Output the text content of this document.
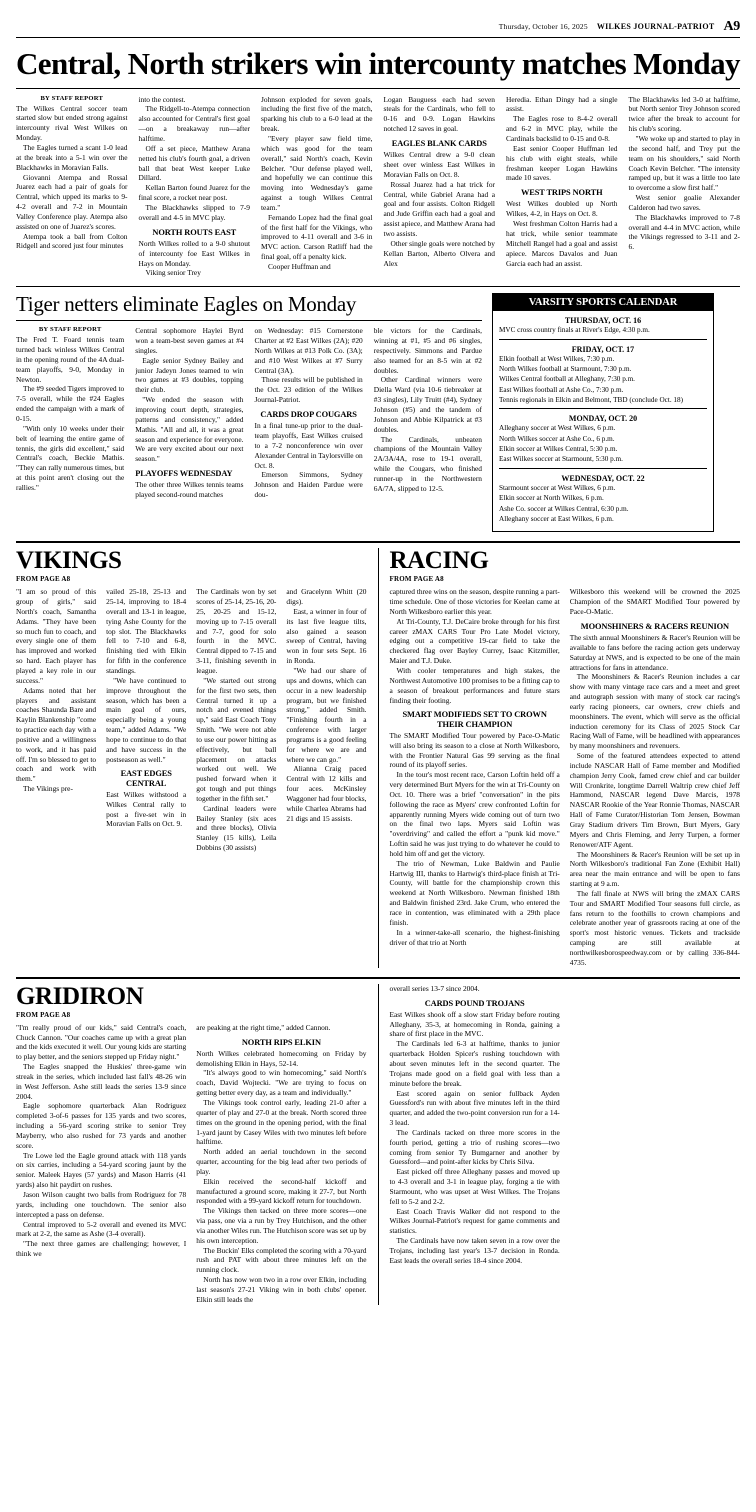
Thursday, October 16, 2025 WILKES JOURNAL-PATRIOT A9
Central, North strikers win intercounty matches Monday
BY STAFF REPORT

The Wilkes Central soccer team started slow but ended strong against intercounty rival West Wilkes on Monday.

The Eagles turned a scant 1-0 lead at the break into a 5-1 win over the Blackhawks in Moravian Falls.

Giovanni Atempa and Rossal Juarez each had a pair of goals for Central, which upped its marks to 9-4-2 overall and 7-2 in Mountain Valley Conference play. Atempa also assisted on one of Juarez's scores.

Atempa took a ball from Colton Ridgell and scored just four minutes

into the contest.

The Ridgell-to-Atempa connection also accounted for Central's first goal—on a breakaway run—after halftime.

Off a set piece, Matthew Arana netted his club's fourth goal, a driven ball that beat West keeper Luke Dillard.

Kellan Barton found Juarez for the final score, a rocket near post.

The Blackhawks slipped to 7-9 overall and 4-5 in MVC play.

NORTH ROUTS EAST

North Wilkes rolled to a 9-0 shutout of intercounty foe East Wilkes in Hays on Monday.

Viking senior Trey

Johnson exploded for seven goals, including the first five of the match, sparking his club to a 6-0 lead at the break.

"Every player saw field time, which was good for the team overall," said North's coach, Kevin Belcher. "Our defense played well, and hopefully we can continue this moving into Wednesday's game against a tough Wilkes Central team."

Fernando Lopez had the final goal of the first half for the Vikings, who improved to 4-11 overall and 3-6 in MVC action. Carson Ratliff had the final goal, off a penalty kick.

Cooper Huffman and

Logan Bauguess each had seven steals for the Cardinals, who fell to 0-16 and 0-9. Logan Hawkins notched 12 saves in goal.

EAGLES BLANK CARDS

Wilkes Central drew a 9-0 clean sheet over winless East Wilkes in Moravian Falls on Oct. 8.

Rossal Juarez had a hat trick for Central, while Gabriel Arana had a goal and four assists. Colton Ridgell and Jude Griffin each had a goal and assist apiece, and Matthew Arana had two assists.

Other single goals were notched by Kellan Barton, Alberto Olvera and Alex

Heredia. Ethan Dingy had a single assist.

The Eagles rose to 8-4-2 overall and 6-2 in MVC play, while the Cardinals backslid to 0-15 and 0-8.

East senior Cooper Huffman led his club with eight steals, while freshman keeper Logan Hawkins made 10 saves.

WEST TRIPS NORTH

West Wilkes doubled up North Wilkes, 4-2, in Hays on Oct. 8.

West freshman Colton Harris had a hat trick, while senior teammate Mitchell Rangel had a goal and assist apiece. Marcos Davalos and Juan Garcia each had an assist.

The Blackhawks led 3-0 at halftime, but North senior Trey Johnson scored twice after the break to account for his club's scoring.

"We woke up and started to play in the second half, and Trey put the team on his shoulders," said North Coach Kevin Belcher. "The intensity ramped up, but it was a little too late to overcome a slow first half."

West senior goalie Alexander Calderon had two saves.

The Blackhawks improved to 7-8 overall and 4-4 in MVC action, while the Vikings regressed to 3-11 and 2-6.

Tiger netters eliminate Eagles on Monday
BY STAFF REPORT

The Fred T. Foard tennis team turned back winless Wilkes Central in the opening round of the 4A dual-team playoffs, 9-0, Monday in Newton.

The #9 seeded Tigers improved to 7-5 overall, while the #24 Eagles ended the campaign with a mark of 0-15.

"With only 10 weeks under their belt of learning the entire game of tennis, the girls did excellent," said Central's coach, Beckie Mathis. "They can rally numerous times, but at this point aren't closing out the rallies."

Central sophomore Haylei Byrd won a team-best seven games at #4 singles.

Eagle senior Sydney Bailey and junior Jadeyn Jones teamed to win two games at #3 doubles, topping their club.

"We ended the season with improving court depth, strategies, patterns and consistency," added Mathis. "All and all, it was a great season and experience for everyone. We are very excited about our next season."

PLAYOFFS WEDNESDAY

The other three Wilkes tennis teams played second-round matches

on Wednesday: #15 Cornerstone Charter at #2 East Wilkes (2A); #20 North Wilkes at #13 Polk Co. (3A); and #10 West Wilkes at #7 Surry Central (3A).

Those results will be published in the Oct. 23 edition of the Wilkes Journal-Patriot.

CARDS DROP COUGARS

In a final tune-up prior to the dual-team playoffs, East Wilkes cruised to a 7-2 nonconference win over Alexander Central in Taylorsville on Oct. 8.

Emerson Simmons, Sydney Johnson and Haiden Pardue were dou-

ble victors for the Cardinals, winning at #1, #5 and #6 singles, respectively. Simmons and Pardue also teamed for an 8-5 win at #2 doubles.

Other Cardinal winners were Diella Ward (via 10-6 tiebreaker at #3 singles), Lily Truitt (#4), Sydney Johnson (#5) and the tandem of Johnson and Abbie Kilpatrick at #3 doubles.

The Cardinals, unbeaten champions of the Mountain Valley 2A/3A/4A, rose to 19-1 overall, while the Cougars, who finished runner-up in the Northwestern 6A/7A, slipped to 12-5.

VARSITY SPORTS CALENDAR
THURSDAY, OCT. 16
MVC cross country finals at River's Edge, 4:30 p.m.
FRIDAY, OCT. 17
Elkin football at West Wilkes, 7:30 p.m.
North Wilkes football at Starmount, 7:30 p.m.
Wilkes Central football at Alleghany, 7:30 p.m.
East Wilkes football at Ashe Co., 7:30 p.m.
Tennis regionals in Elkin and Belmont, TBD (conclude Oct. 18)
MONDAY, OCT. 20
Alleghany soccer at West Wilkes, 6 p.m.
North Wilkes soccer at Ashe Co., 6 p.m.
Elkin soccer at Wilkes Central, 5:30 p.m.
East Wilkes soccer at Starmount, 5:30 p.m.
WEDNESDAY, OCT. 22
Starmount soccer at West Wilkes, 6 p.m.
Elkin soccer at North Wilkes, 6 p.m.
Ashe Co. soccer at Wilkes Central, 6:30 p.m.
Alleghany soccer at East Wilkes, 6 p.m.
VIKINGS
FROM PAGE A8

"I am so proud of this group of girls," said North's coach, Samantha Adams. "They have been so much fun to coach, and every single one of them has improved and worked so hard. Each player has played a key role in our success."

Adams noted that her players and assistant coaches Shaunda Bare and Kaylin Blankenship "come to practice each day with a positive and a willingness to work, and it has paid off. I'm so blessed to get to coach and work with them."

The Vikings pre-

vailed 25-18, 25-13 and 25-14, improving to 18-4 overall and 13-1 in league, tying Ashe County for the top slot. The Blackhawks fell to 7-10 and 6-8, finishing tied with Elkin for fifth in the conference standings.

"We have continued to improve throughout the season, which has been a main goal of ours, especially being a young team," added Adams. "We hope to continue to do that and have success in the postseason as well."

EAST EDGES CENTRAL

East Wilkes withstood a Wilkes Central rally to post a five-set win in Moravian Falls on Oct. 9.

The Cardinals won by set scores of 25-14, 25-16, 20-25, 20-25 and 15-12, moving up to 7-15 overall and 7-7, good for solo fourth in the MVC. Central dipped to 7-15 and 3-11, finishing seventh in league.

"We started out strong for the first two sets, then Central turned it up a notch and evened things up," said East Coach Tony Smith. "We were not able to use our power hitting as effectively, but ball placement on attacks worked out well. We pushed forward when it got tough and put things together in the fifth set."

Cardinal leaders were Bailey Stanley (six aces and three blocks), Olivia Stanley (15 kills), Leila Dobbins (30 assists)

and Gracelynn Whitt (20 digs).

East, a winner in four of its last five league tilts, also gained a season sweep of Central, having won in four sets Sept. 16 in Ronda.

"We had our share of ups and downs, which can occur in a new leadership program, but we finished strong," added Smith. "Finishing fourth in a conference with larger programs is a good feeling for where we are and where we can go."

Alianna Craig paced Central with 12 kills and four aces. McKinsley Waggoner had four blocks, while Charlea Abrams had 21 digs and 15 assists.

RACING
FROM PAGE A8

captured three wins on the season, despite running a part-time schedule. One of those victories for Keelan came at North Wilkesboro earlier this year.

At Tri-County, T.J. DeCaire broke through for his first career zMAX CARS Tour Pro Late Model victory, edging out a competitive 19-car field to take the checkered flag over Bayley Currey, Isaac Kitzmiller, Maier and T.J. Duke.

With cooler temperatures and high stakes, the Northwest Automotive 100 promises to be a fitting cap to a season of breakout performances and future stars finding their footing.

SMART MODIFIEDS SET TO CROWN THEIR CHAMPION

The SMART Modified Tour powered by Pace-O-Matic will also bring its season to a close at North Wilkesboro, with the Frontier Natural Gas 99 serving as the final round of its playoff series.

In the tour's most recent race, Carson Loftin held off a very determined Burt Myers for the win at Tri-County on Oct. 10. There was a brief "conversation" in the pits following the race as Myers' crew confronted Loftin for apparently running Myers wide coming out of turn two on the final two laps. Myers said Loftin was "overdriving" and called the effort a "punk kid move." Loftin said he was just trying to do whatever he could to hold him off and get the victory.

The trio of Newman, Luke Baldwin and Paulie Hartwig III, thanks to Hartwig's third-place finish at Tri-County, will battle for the championship crown this weekend at North Wilkesboro. Newman finished 18th and Baldwin finished 23rd. Jake Crum, who entered the race in contention, was eliminated with a 29th place finish.

In a winner-take-all scenario, the highest-finishing driver of that trio at North

Wilkesboro this weekend will be crowned the 2025 Champion of the SMART Modified Tour powered by Pace-O-Matic.

MOONSHINERS & RACERS REUNION

The sixth annual Moonshiners & Racer's Reunion will be available to fans before the racing action gets underway Saturday at NWS, and is expected to be one of the main attractions for fans in attendance.

The Moonshiners & Racer's Reunion includes a car show with many vintage race cars and a meet and greet and autograph session with many of stock car racing's early racing pioneers, car owners, crew chiefs and moonshiners. The event, which will serve as the official induction ceremony for its Class of 2025 Stock Car Racing Wall of Fame, will be headlined with appearances by many moonshiners and revenuers.

Some of the featured attendees expected to attend include NASCAR Hall of Fame member and Modified champion Jerry Cook, famed crew chief and car builder Will Cronkrite, longtime Darrell Waltrip crew chief Jeff Hammond, NASCAR legend Dave Marcis, 1978 NASCAR Rookie of the Year Ronnie Thomas, NASCAR Hall of Fame Curator/Historian Tom Jensen, Bowman Gray Stadium drivers Tim Brown, Burt Myers, Gary Myers and Chris Fleming, and Jerry Turpen, a former Renower/ATF Agent.

The Moonshiners & Racer's Reunion will be set up in North Wilkesboro's traditional Fan Zone (Exhibit Hall) area near the main entrance and will be open to fans starting at 9 a.m.

The fall finale at NWS will bring the zMAX CARS Tour and SMART Modified Tour seasons full circle, as fans return to the foothills to crown champions and celebrate another year of grassroots racing at one of the sport's most historic venues. Tickets and trackside camping are still available at northwilkesborospeedway.com or by calling 336-844-4735.

GRIDIRON
FROM PAGE A8

"I'm really proud of our kids," said Central's coach, Chuck Cannon. "Our coaches came up with a great plan and the kids executed it well. Our young kids are starting to play better, and the seniors stepped up Friday night."

The Eagles snapped the Huskies' three-game win streak in the series, which included last fall's 48-26 win in West Jefferson. Ashe still leads the series 13-9 since 2004.

Eagle sophomore quarterback Alan Rodriguez completed 3-of-6 passes for 135 yards and two scores, including a 56-yard scoring strike to senior Trey Mayberry, who also rushed for 73 yards and another score.

Tre Lowe led the Eagle ground attack with 118 yards on six carries, including a 54-yard scoring jaunt by the senior. Maleek Hayes (57 yards) and Mason Harris (41 yards) also hit paydirt on rushes.

Jason Wilson caught two balls from Rodriguez for 78 yards, including one touchdown. The senior also intercepted a pass on defense.

Central improved to 5-2 overall and evened its MVC mark at 2-2, the same as Ashe (3-4 overall).

"The next three games are challenging; however, I think we

are peaking at the right time," added Cannon.

NORTH RIPS ELKIN

North Wilkes celebrated homecoming on Friday by demolishing Elkin in Hays, 52-14.

"It's always good to win homecoming," said North's coach, David Wojtecki. "We are trying to focus on getting better every day, as a team and individually."

The Vikings took control early, leading 21-0 after a quarter of play and 27-0 at the break. North scored three times on the ground in the opening period, with the final 1-yard jaunt by Casey Wiles with two minutes left before halftime.

North added an aerial touchdown in the second quarter, accounting for the big lead after two periods of play.

Elkin received the second-half kickoff and manufactured a ground score, making it 27-7, but North responded with a 99-yard kickoff return for touchdown.

The Vikings then tacked on three more scores—one via pass, one via a run by Trey Hutchison, and the other via another Wiles run. The Hutchison score was set up by his own interception.

The Buckin' Elks completed the scoring with a 70-yard rush and PAT with about three minutes left on the running clock.

North has now won two in a row over Elkin, including last season's 27-21 Viking win in both clubs' opener. Elkin still leads the

overall series 13-7 since 2004.

CARDS POUND TROJANS

East Wilkes shook off a slow start Friday before routing Alleghany, 35-3, at homecoming in Ronda, gaining a share of first place in the MVC.

The Cardinals led 6-3 at halftime, thanks to junior quarterback Holden Spicer's rushing touchdown with about seven minutes left in the second quarter. The Trojans made good on a field goal with less than a minute before the break.

East scored again on senior fullback Ayden Guessford's run with about five minutes left in the third quarter, and added the two-point conversion run for a 14-3 lead.

The Cardinals tacked on three more scores in the fourth period, getting a trio of rushing scores—two coming from senior Ty Bumgarner and another by Guessford—and point-after kicks by Chris Silva.

East picked off three Alleghany passes and moved up to 4-3 overall and 3-1 in league play, forging a tie with Starmount, who was upset at West Wilkes. The Trojans fell to 5-2 and 2-2.

East Coach Travis Walker did not respond to the Wilkes Journal-Patriot's request for game comments and statistics.

The Cardinals have now taken seven in a row over the Trojans, including last year's 13-7 decision in Ronda. East leads the overall series 18-4 since 2004.
